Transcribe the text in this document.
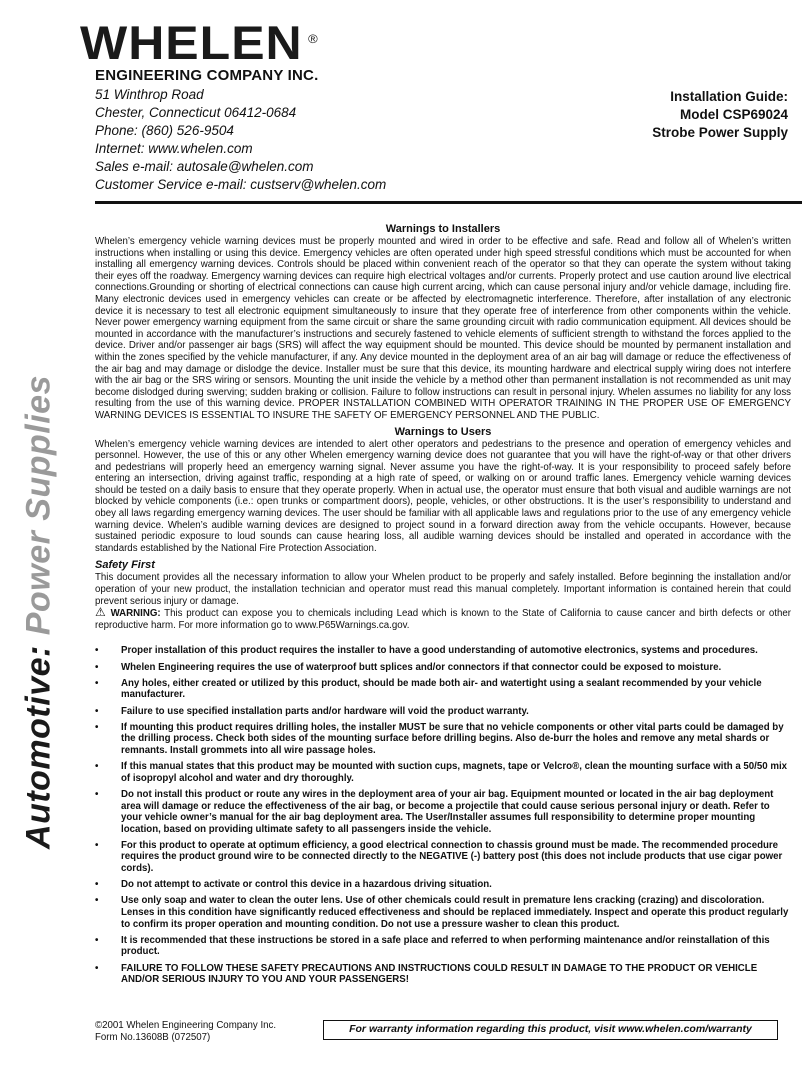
WHELEN ®
ENGINEERING COMPANY INC.
51 Winthrop Road
Chester, Connecticut 06412-0684
Phone: (860) 526-9504
Internet: www.whelen.com
Sales e-mail: autosale@whelen.com
Customer Service e-mail: custserv@whelen.com
Installation Guide:
Model CSP69024
Strobe Power Supply
Automotive: Power Supplies
Warnings to Installers

Whelen’s emergency vehicle warning devices must be properly mounted and wired in order to be effective and safe. Read and follow all of Whelen’s written instructions when installing or using this device. Emergency vehicles are often operated under high speed stressful conditions which must be accounted for when installing all emergency warning devices. Controls should be placed within convenient reach of the operator so that they can operate the system without taking their eyes off the roadway. Emergency warning devices can require high electrical voltages and/or currents. Properly protect and use caution around live electrical connections.Grounding or shorting of electrical connections can cause high current arcing, which can cause personal injury and/or vehicle damage, including fire. Many electronic devices used in emergency vehicles can create or be affected by electromagnetic interference. Therefore, after installation of any electronic device it is necessary to test all electronic equipment simultaneously to insure that they operate free of interference from other components within the vehicle. Never power emergency warning equipment from the same circuit or share the same grounding circuit with radio communication equipment. All devices should be mounted in accordance with the manufacturer’s instructions and securely fastened to vehicle elements of sufficient strength to withstand the forces applied to the device. Driver and/or passenger air bags (SRS) will affect the way equipment should be mounted. This device should be mounted by permanent installation and within the zones specified by the vehicle manufacturer, if any. Any device mounted in the deployment area of an air bag will damage or reduce the effectiveness of the air bag and may damage or dislodge the device. Installer must be sure that this device, its mounting hardware and electrical supply wiring does not interfere with the air bag or the SRS wiring or sensors. Mounting the unit inside the vehicle by a method other than permanent installation is not recommended as unit may become dislodged during swerving; sudden braking or collision. Failure to follow instructions can result in personal injury. Whelen assumes no liability for any loss resulting from the use of this warning device. PROPER INSTALLATION COMBINED WITH OPERATOR TRAINING IN THE PROPER USE OF EMERGENCY WARNING DEVICES IS ESSENTIAL TO INSURE THE SAFETY OF EMERGENCY PERSONNEL AND THE PUBLIC.

Warnings to Users

Whelen’s emergency vehicle warning devices are intended to alert other operators and pedestrians to the presence and operation of emergency vehicles and personnel. However, the use of this or any other Whelen emergency warning device does not guarantee that you will have the right-of-way or that other drivers and pedestrians will properly heed an emergency warning signal. Never assume you have the right-of-way. It is your responsibility to proceed safely before entering an intersection, driving against traffic, responding at a high rate of speed, or walking on or around traffic lanes. Emergency vehicle warning devices should be tested on a daily basis to ensure that they operate properly. When in actual use, the operator must ensure that both visual and audible warnings are not blocked by vehicle components (i.e.: open trunks or compartment doors), people, vehicles, or other obstructions. It is the user’s responsibility to understand and obey all laws regarding emergency warning devices. The user should be familiar with all applicable laws and regulations prior to the use of any emergency vehicle warning device. Whelen’s audible warning devices are designed to project sound in a forward direction away from the vehicle occupants. However, because sustained periodic exposure to loud sounds can cause hearing loss, all audible warning devices should be installed and operated in accordance with the standards established by the National Fire Protection Association.

Safety First

This document provides all the necessary information to allow your Whelen product to be properly and safely installed. Before beginning the installation and/or operation of your new product, the installation technician and operator must read this manual completely. Important information is contained herein that could prevent serious injury or damage.

⚠ WARNING: This product can expose you to chemicals including Lead which is known to the State of California to cause cancer and birth defects or other reproductive harm. For more information go to www.P65Warnings.ca.gov.

• Proper installation of this product requires the installer to have a good understanding of automotive electronics, systems and procedures.
• Whelen Engineering requires the use of waterproof butt splices and/or connectors if that connector could be exposed to moisture.
• Any holes, either created or utilized by this product, should be made both air- and watertight using a sealant recommended by your vehicle manufacturer.
• Failure to use specified installation parts and/or hardware will void the product warranty.
• If mounting this product requires drilling holes, the installer MUST be sure that no vehicle components or other vital parts could be damaged by the drilling process. Check both sides of the mounting surface before drilling begins. Also de-burr the holes and remove any metal shards or remnants. Install grommets into all wire passage holes.
• If this manual states that this product may be mounted with suction cups, magnets, tape or Velcro®, clean the mounting surface with a 50/50 mix of isopropyl alcohol and water and dry thoroughly.
• Do not install this product or route any wires in the deployment area of your air bag. Equipment mounted or located in the air bag deployment area will damage or reduce the effectiveness of the air bag, or become a projectile that could cause serious personal injury or death. Refer to your vehicle owner’s manual for the air bag deployment area. The User/Installer assumes full responsibility to determine proper mounting location, based on providing ultimate safety to all passengers inside the vehicle.
• For this product to operate at optimum efficiency, a good electrical connection to chassis ground must be made. The recommended procedure requires the product ground wire to be connected directly to the NEGATIVE (-) battery post (this does not include products that use cigar power cords).
• Do not attempt to activate or control this device in a hazardous driving situation.
• Use only soap and water to clean the outer lens. Use of other chemicals could result in premature lens cracking (crazing) and discoloration. Lenses in this condition have significantly reduced effectiveness and should be replaced immediately. Inspect and operate this product regularly to confirm its proper operation and mounting condition. Do not use a pressure washer to clean this product.
• It is recommended that these instructions be stored in a safe place and referred to when performing maintenance and/or reinstallation of this product.
• FAILURE TO FOLLOW THESE SAFETY PRECAUTIONS AND INSTRUCTIONS COULD RESULT IN DAMAGE TO THE PRODUCT OR VEHICLE AND/OR SERIOUS INJURY TO YOU AND YOUR PASSENGERS!
©2001 Whelen Engineering Company Inc.
Form No.13608B (072507)
For warranty information regarding this product, visit www.whelen.com/warranty
